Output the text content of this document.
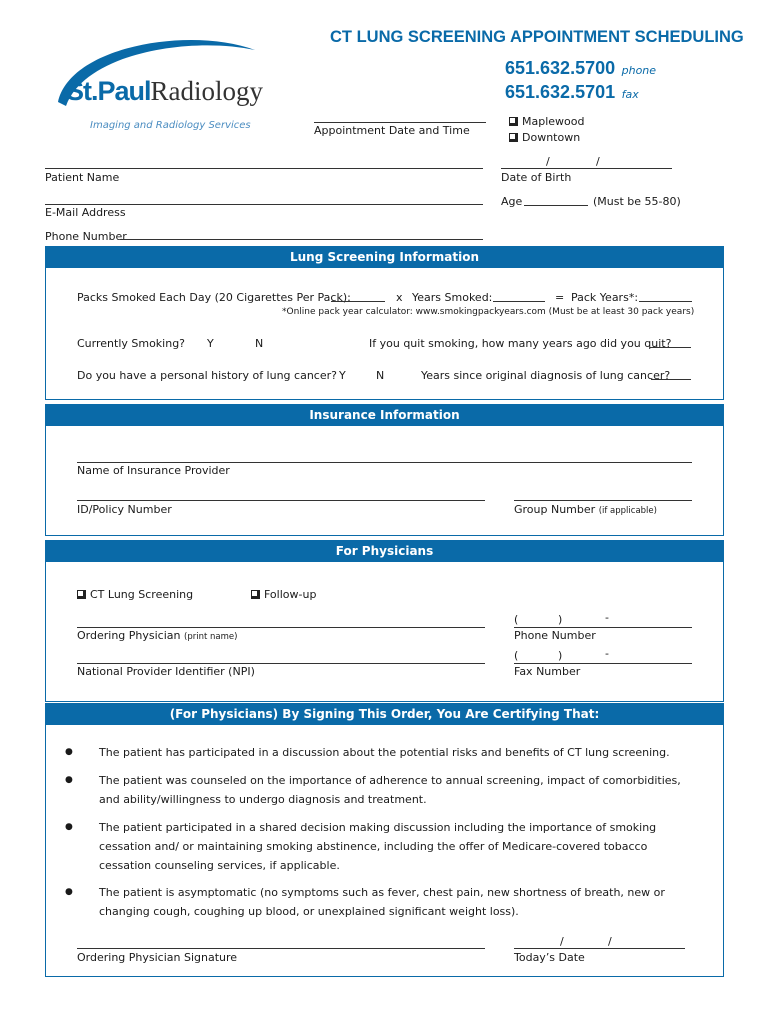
St.PaulRadiology
Imaging and Radiology Services
CT LUNG SCREENING APPOINTMENT SCHEDULING
651.632.5700 phone
651.632.5701 fax
Appointment Date and Time
Maplewood
Downtown
Patient Name
/	/
Date of Birth
E-Mail Address
Age	(Must be 55-80)
Phone Number
Lung Screening Information
Packs Smoked Each Day (20 Cigarettes Per Pack):	x Years Smoked:	= Pack Years*:
*Online pack year calculator: www.smokingpackyears.com (Must be at least 30 pack years)
Currently Smoking? Y	N	If you quit smoking, how many years ago did you quit?
Do you have a personal history of lung cancer? Y	N	Years since original diagnosis of lung cancer?
Insurance Information
Name of Insurance Provider
ID/Policy Number	Group Number (if applicable)
For Physicians
CT Lung Screening	Follow-up
Ordering Physician (print name)
(	)	-
Phone Number
National Provider Identifier (NPI)
(	)	-
Fax Number
(For Physicians) By Signing This Order, You Are Certifying That:
● The patient has participated in a discussion about the potential risks and benefits of CT lung screening.
● The patient was counseled on the importance of adherence to annual screening, impact of comorbidities, and ability/willingness to undergo diagnosis and treatment.
● The patient participated in a shared decision making discussion including the importance of smoking cessation and/ or maintaining smoking abstinence, including the offer of Medicare-covered tobacco cessation counseling services, if applicable.
● The patient is asymptomatic (no symptoms such as fever, chest pain, new shortness of breath, new or changing cough, coughing up blood, or unexplained significant weight loss).
Ordering Physician Signature
/	/
Today’s Date
